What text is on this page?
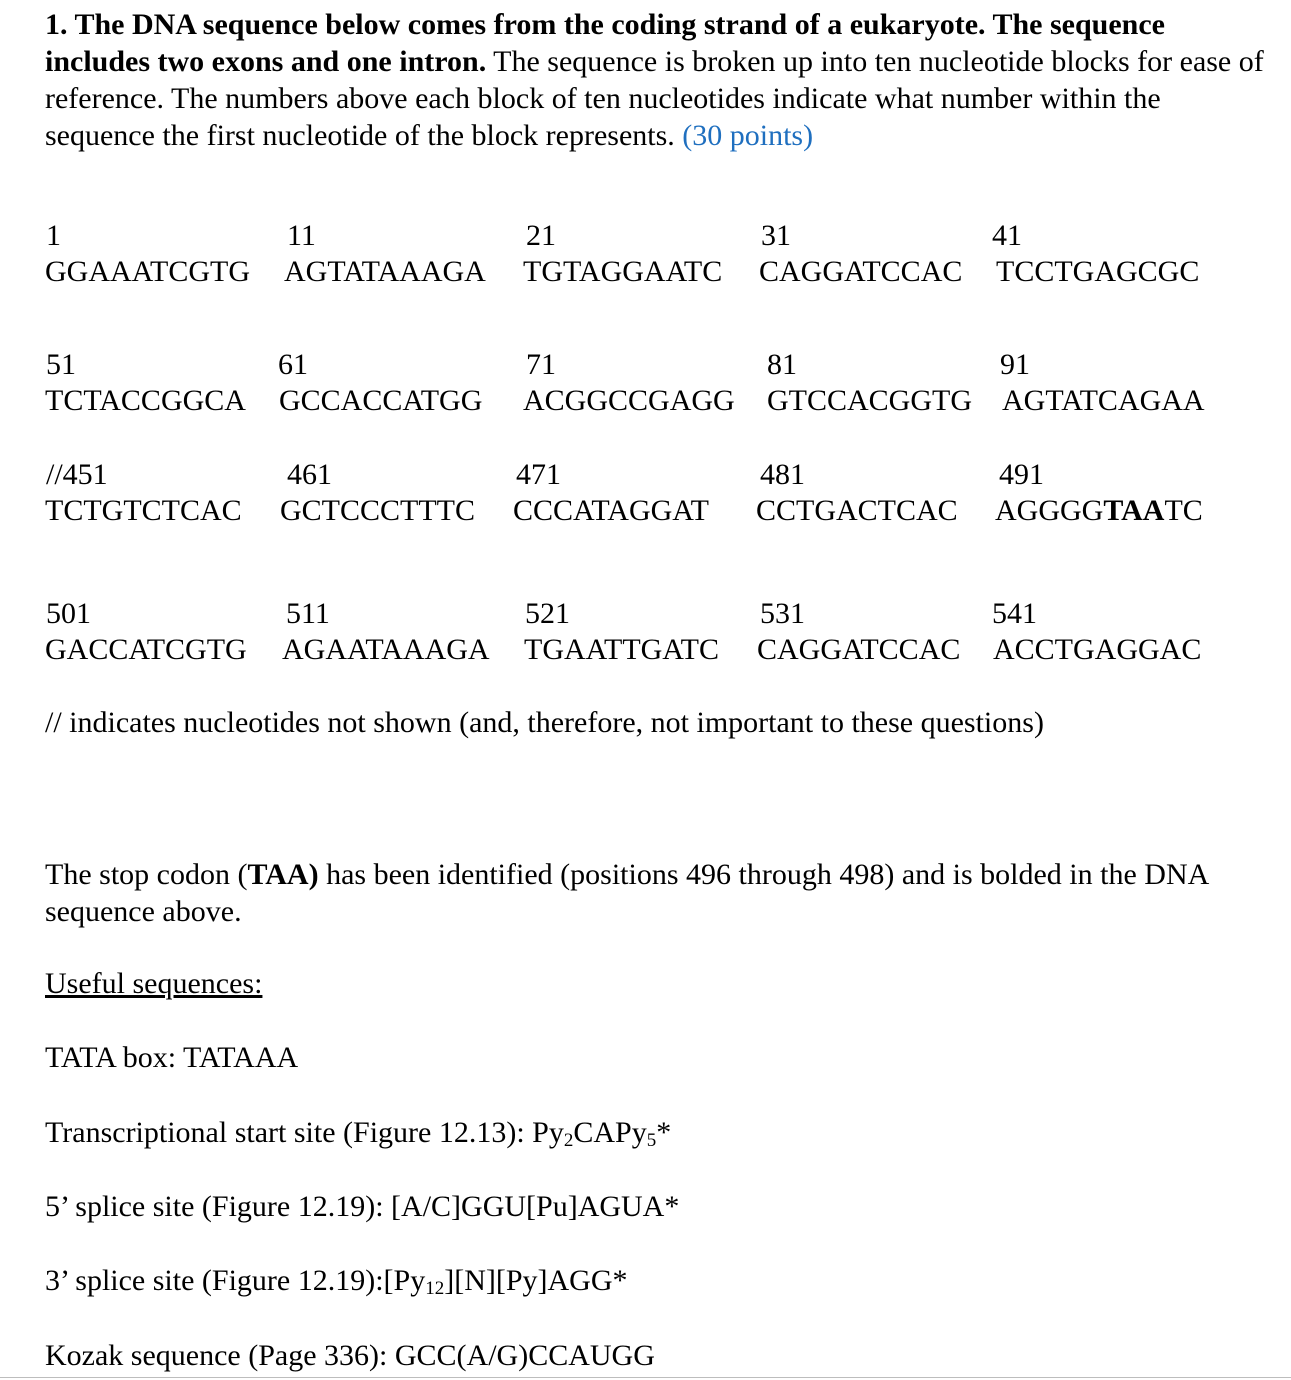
1. The DNA sequence below comes from the coding strand of a eukaryote. The sequence includes two exons and one intron. The sequence is broken up into ten nucleotide blocks for ease of reference. The numbers above each block of ten nucleotides indicate what number within the sequence the first nucleotide of the block represents. (30 points)
1	11	21	31	41
GGAAATCGTG AGTATAAAGA TGTAGGAATC CAGGATCCAC TCCTGAGCGC
51	61	71	81	91
TCTACCGGCA GCCACCATGG ACGGCCGAGG GTCCACGGTG AGTATCAGAA
//451	461	471	481	491
TCTGTCTCAC GCTCCCTTTC CCCATAGGAT CCTGACTCAC AGGGGTAATC
501	511	521	531	541
GACCATCGTG AGAATAAAGA TGAATTGATC CAGGATCCAC ACCTGAGGAC
// indicates nucleotides not shown (and, therefore, not important to these questions)
The stop codon (TAA) has been identified (positions 496 through 498) and is bolded in the DNA sequence above.
Useful sequences:
TATA box: TATAAA
Transcriptional start site (Figure 12.13): $Py_2CAPy_5*$
5’ splice site (Figure 12.19): [A/C]GGU[Pu]AGUA*
3’ splice site (Figure $12.19):[Py_{12}][N][Py]AGG*$
Kozak sequence (Page 336): GCC(A/G)CCAUGG
